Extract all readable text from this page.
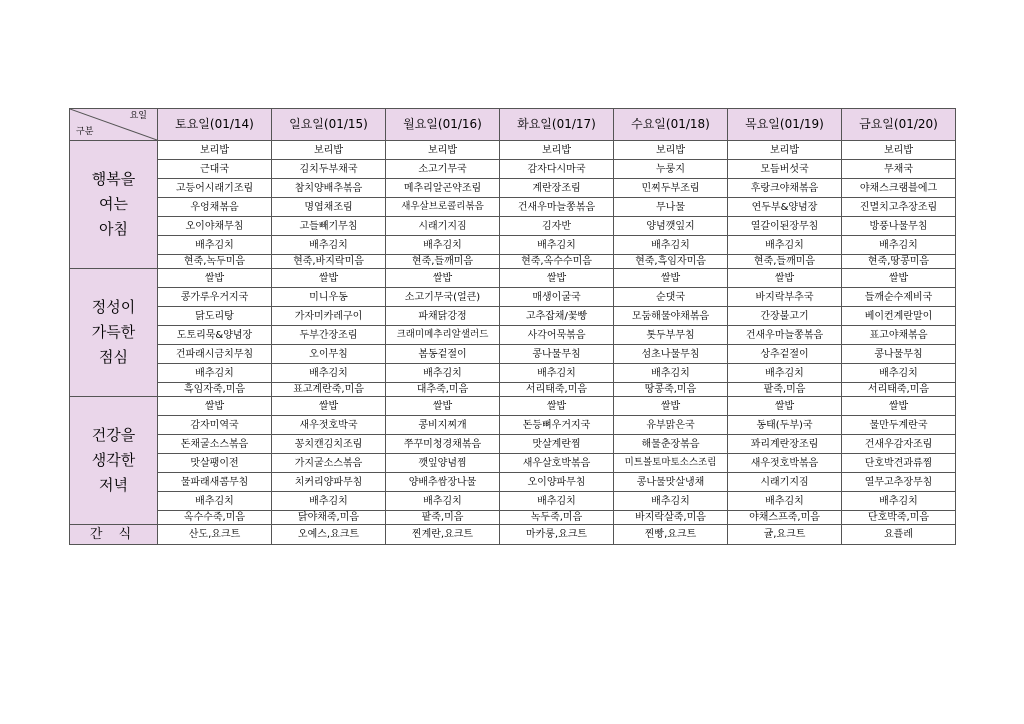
요일
구분	토요일(01/14)	일요일(01/15)	월요일(01/16)	화요일(01/17)	수요일(01/18)	목요일(01/19)	금요일(01/20)

행복을
여는
아침	보리밥	보리밥	보리밥	보리밥	보리밥	보리밥	보리밥
	근대국	김치두부채국	소고기무국	감자다시마국	누룽지	모듬버섯국	무채국
	고등어시래기조림	참치양배추볶음	메추리알곤약조림	계란장조림	민찌두부조림	후랑크야채볶음	야채스크램블에그
	우엉채볶음	명엽채조림	새우살브로콜리볶음	건새우마늘쫑볶음	무나물	연두부&양념장	진멸치고추장조림
	오이야채무침	고들빼기무침	시래기지짐	김자반	양념깻잎지	열갈이된장무침	방풍나물무침
	배추김치	배추김치	배추김치	배추김치	배추김치	배추김치	배추김치
	현죽,녹두미음	현죽,바지락미음	현죽,들깨미음	현죽,옥수수미음	현죽,흑임자미음	현죽,들깨미음	현죽,땅콩미음

정성이
가득한
점심	쌀밥	쌀밥	쌀밥	쌀밥	쌀밥	쌀밥	쌀밥
	콩가루우거지국	미니우동	소고기무국(얼큰)	매생이굴국	순댓국	바지락부추국	들깨순수제비국
	닭도리탕	가자미카레구이	파채닭강정	고추잡채/꽃빵	모둠해물야채볶음	간장불고기	베이컨계란말이
	도토리묵&양념장	두부간장조림	크래미메추리알샐러드	사각어묵볶음	톳두부무침	건새우마늘쫑볶음	표고야채볶음
	건파래시금치무침	오이무침	봄동겉절이	콩나물무침	섬초나물무침	상추겉절이	콩나물무침
	배추김치	배추김치	배추김치	배추김치	배추김치	배추김치	배추김치
	흑임자죽,미음	표고계란죽,미음	대추죽,미음	서리태죽,미음	땅콩죽,미음	팥죽,미음	서리태죽,미음

건강을
생각한
저녁	쌀밥	쌀밥	쌀밥	쌀밥	쌀밥	쌀밥	쌀밥
	감자미역국	새우젓호박국	콩비지찌개	돈등뼈우거지국	유부맑은국	동태(두부)국	물만두계란국
	돈채굴소스볶음	꽁치캔김치조림	쭈꾸미청경채볶음	맛살계란찜	해물춘장볶음	꽈리계란장조림	건새우감자조림
	맛살팽이전	가지굴소스볶음	깻잎양념찜	새우살호박볶음	미트볼토마토소스조림	새우젓호박볶음	단호박견과류찜
	물파래새콤무침	치커리양파무침	양배추쌈장나물	오이양파무침	콩나물맛살냉채	시래기지짐	열무고추장무침
	배추김치	배추김치	배추김치	배추김치	배추김치	배추김치	배추김치
	옥수수죽,미음	닭야채죽,미음	팥죽,미음	녹두죽,미음	바지락살죽,미음	야채스프죽,미음	단호박죽,미음
간 식	산도,요크트	오예스,요크트	찐계란,요크트	마카롱,요크트	찐빵,요크트	귤,요크트	요플레
